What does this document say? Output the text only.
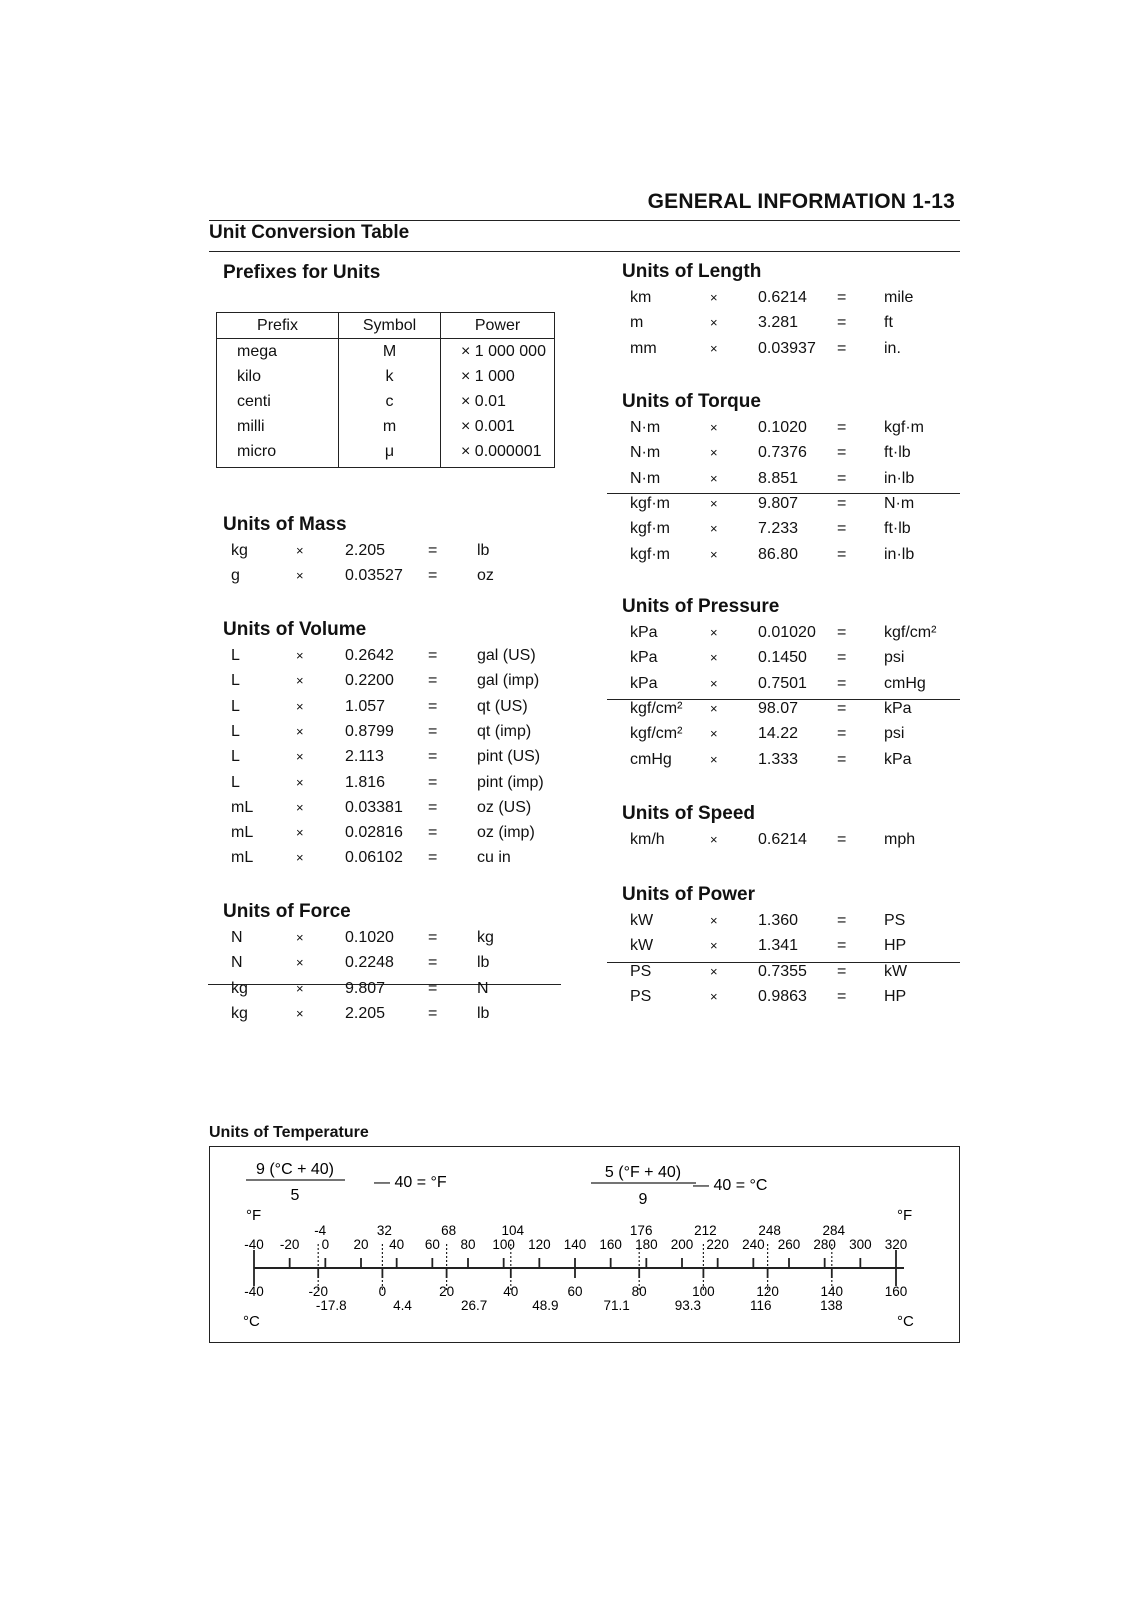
GENERAL INFORMATION 1-13
Unit Conversion Table
Prefixes for Units
Prefix	Symbol	Power
mega	M	× 1 000 000
kilo	k	× 1 000
centi	c	× 0.01
milli	m	× 0.001
micro	μ	× 0.000001
Units of Mass
Units of Volume
Units of Force
Units of Length
Units of Torque
Units of Pressure
Units of Speed
Units of Power
kg	×	2.205	= lb
g	×	0.03527 = oz
L	×	0.2642 = gal (US)
L	×	0.2200 = gal (imp)
L	×	1.057	= qt (US)
L	×	0.8799 = qt (imp)
L	×	2.113	= pint (US)
L	×	1.816	= pint (imp)
mL	×	0.03381 = oz (US)
mL	×	0.02816 = oz (imp)
mL	×	0.06102 = cu in
N	×	0.1020 = kg
N	×	0.2248 = lb
kg	×	9.807	= N
kg	×	2.205	= lb
km	×	0.6214 = mile
m	×	3.281 = ft
mm	×	0.03937 = in.
N·m	×	0.1020 = kgf·m
N·m	×	0.7376 = ft·lb
N·m	×	8.851 = in·lb
kgf·m	×	9.807 = N·m
kgf·m	×	7.233 = ft·lb
kgf·m	×	86.80 = in·lb
kPa	×	0.01020 = kgf/cm²
kPa	×	0.1450 = psi
kPa	×	0.7501 = cmHg
kgf/cm² ×	98.07 = kPa
kgf/cm² ×	14.22 = psi
cmHg	×	1.333 = kPa
km/h	×	0.6214 = mph
kW	×	1.360 = PS
kW	×	1.341 = HP
PS	×	0.7355 = kW
PS	×	0.9863 = HP
Units of Temperature
9 (°C + 40)
5
— 40 = °F
5 (°F + 40)
9
— 40 = °C
°F	°F
°C	°C
-40 -20 0 20 40 60 80 100 120 140 160 180 200 220 240 260 280 300 320
-40	-20	0	20	40	60	80	100	120	140	160
-4	32	68	104	176	212	248	284
-17.8	4.4	26.7	48.9	71.1	93.3	116	138
